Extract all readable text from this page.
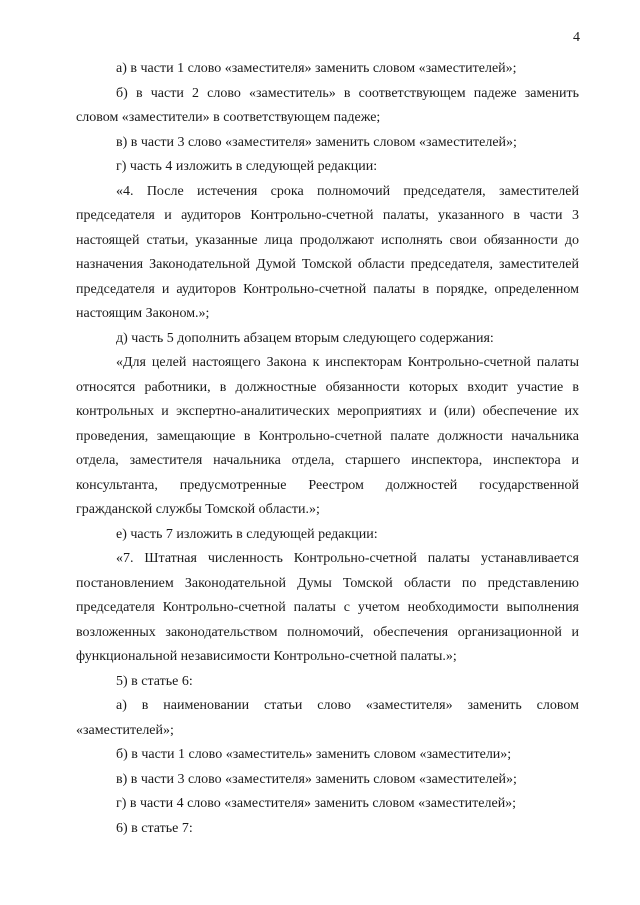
4

а) в части 1 слово «заместителя» заменить словом «заместителей»;

б) в части 2 слово «заместитель» в соответствующем падеже заменить словом «заместители» в соответствующем падеже;

в) в части 3 слово «заместителя» заменить словом «заместителей»;

г) часть 4 изложить в следующей редакции:

«4. После истечения срока полномочий председателя, заместителей председателя и аудиторов Контрольно-счетной палаты, указанного в части 3 настоящей статьи, указанные лица продолжают исполнять свои обязанности до назначения Законодательной Думой Томской области председателя, заместителей председателя и аудиторов Контрольно-счетной палаты в порядке, определенном настоящим Законом.»;

д) часть 5 дополнить абзацем вторым следующего содержания:

«Для целей настоящего Закона к инспекторам Контрольно-счетной палаты относятся работники, в должностные обязанности которых входит участие в контрольных и экспертно-аналитических мероприятиях и (или) обеспечение их проведения, замещающие в Контрольно-счетной палате должности начальника отдела, заместителя начальника отдела, старшего инспектора, инспектора и консультанта, предусмотренные Реестром должностей государственной гражданской службы Томской области.»;

е) часть 7 изложить в следующей редакции:

«7. Штатная численность Контрольно-счетной палаты устанавливается постановлением Законодательной Думы Томской области по представлению председателя Контрольно-счетной палаты с учетом необходимости выполнения возложенных законодательством полномочий, обеспечения организационной и функциональной независимости Контрольно-счетной палаты.»;

5) в статье 6:

а) в наименовании статьи слово «заместителя» заменить словом «заместителей»;

б) в части 1 слово «заместитель» заменить словом «заместители»;

в) в части 3 слово «заместителя» заменить словом «заместителей»;

г) в части 4 слово «заместителя» заменить словом «заместителей»;

6) в статье 7:
